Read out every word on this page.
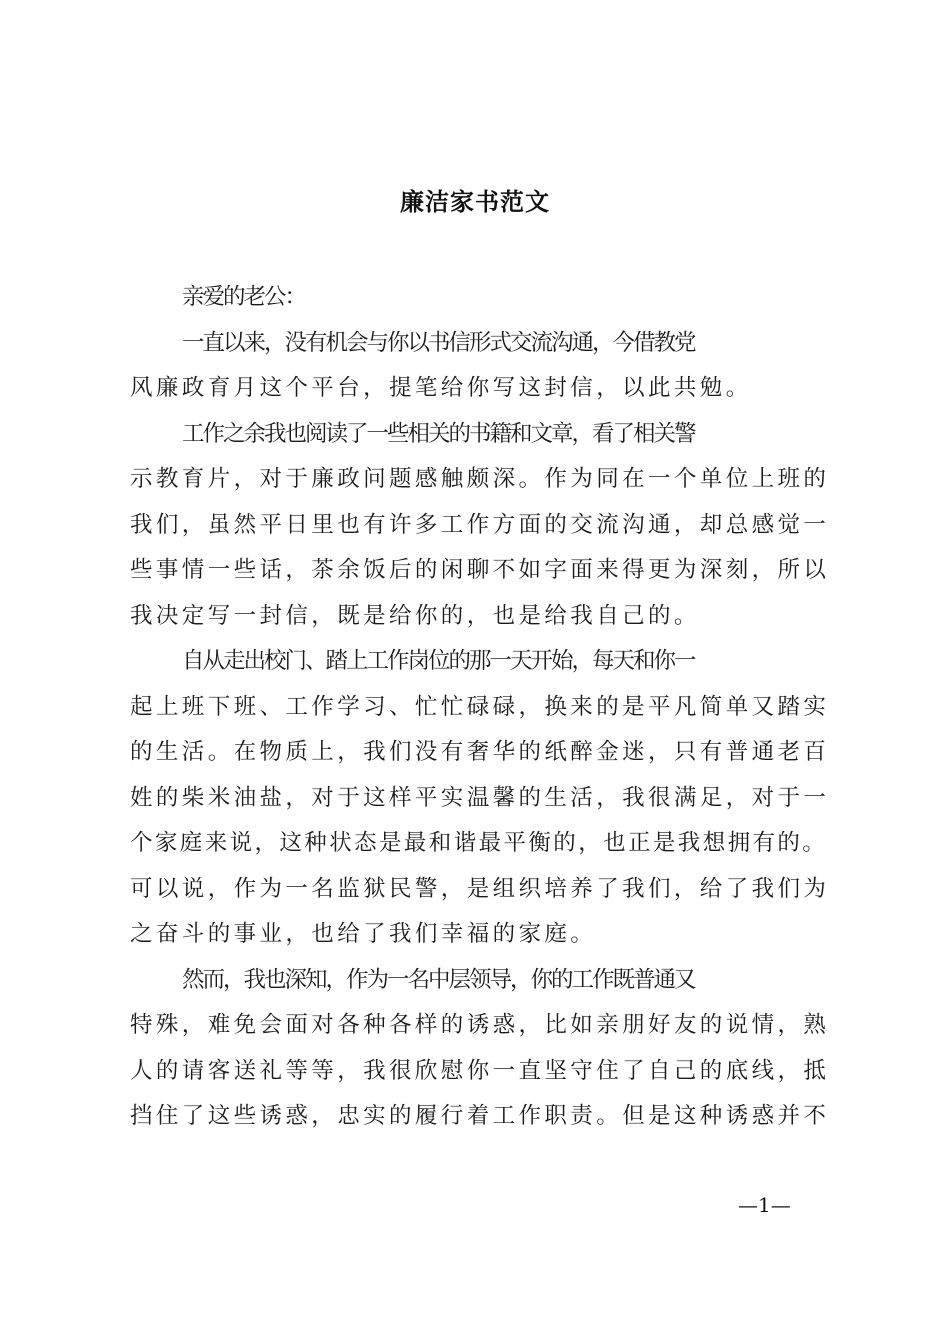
廉洁家书范文

亲爱的老公：

一直以来，没有机会与你以书信形式交流沟通，今借教党
风廉政育月这个平台，提笔给你写这封信，以此共勉。

工作之余我也阅读了一些相关的书籍和文章，看了相关警
示教育片，对于廉政问题感触颇深。作为同在一个单位上班的
我们，虽然平日里也有许多工作方面的交流沟通，却总感觉一
些事情一些话，茶余饭后的闲聊不如字面来得更为深刻，所以
我决定写一封信，既是给你的，也是给我自己的。

自从走出校门、踏上工作岗位的那一天开始，每天和你一
起上班下班、工作学习、忙忙碌碌，换来的是平凡简单又踏实
的生活。在物质上，我们没有奢华的纸醉金迷，只有普通老百
姓的柴米油盐，对于这样平实温馨的生活，我很满足，对于一
个家庭来说，这种状态是最和谐最平衡的，也正是我想拥有的。
可以说，作为一名监狱民警，是组织培养了我们，给了我们为
之奋斗的事业，也给了我们幸福的家庭。

然而，我也深知，作为一名中层领导，你的工作既普通又
特殊，难免会面对各种各样的诱惑，比如亲朋好友的说情，熟
人的请客送礼等等，我很欣慰你一直坚守住了自己的底线，抵
挡住了这些诱惑，忠实的履行着工作职责。但是这种诱惑并不

—1—
